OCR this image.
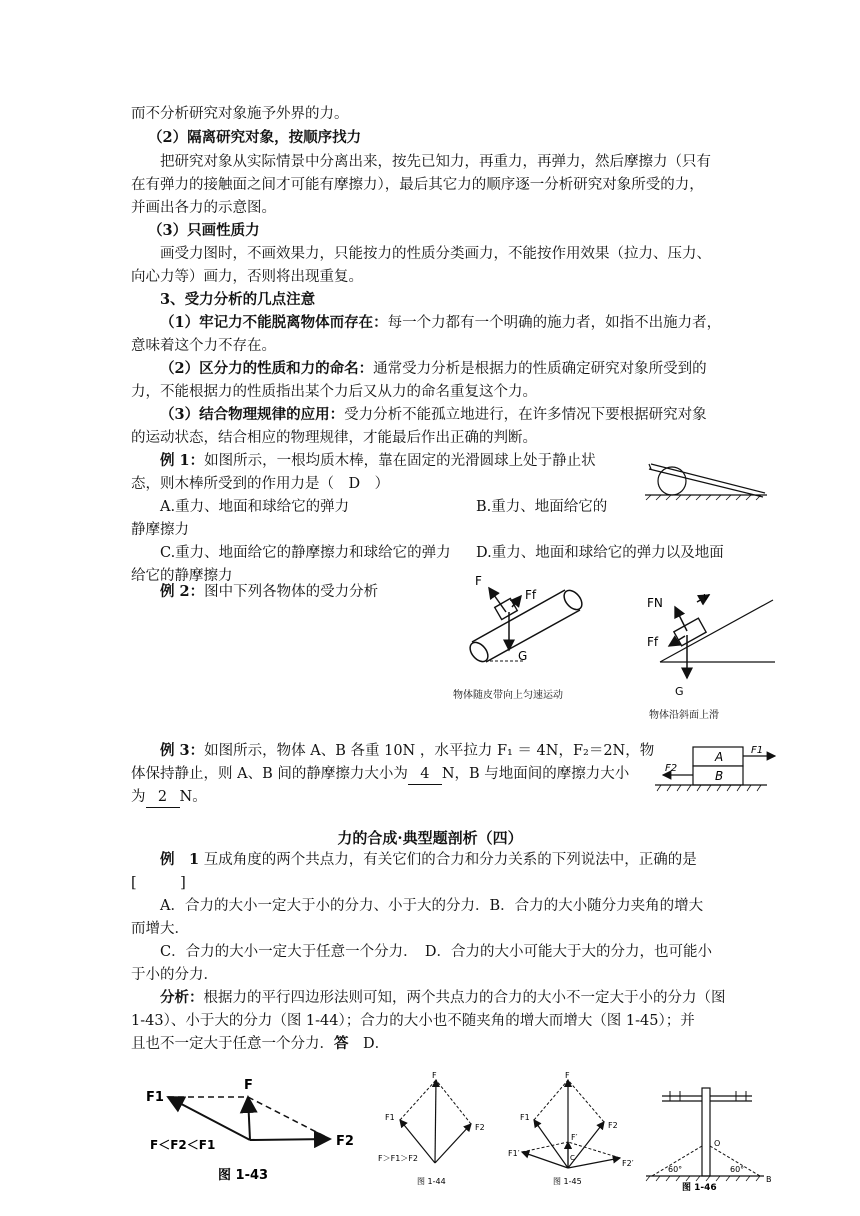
而不分析研究对象施予外界的力。
（2）隔离研究对象，按顺序找力
把研究对象从实际情景中分离出来，按先已知力，再重力，再弹力，然后摩擦力（只有
在有弹力的接触面之间才可能有摩擦力），最后其它力的顺序逐一分析研究对象所受的力，
并画出各力的示意图。
（3）只画性质力
画受力图时，不画效果力，只能按力的性质分类画力，不能按作用效果（拉力、压力、
向心力等）画力，否则将出现重复。
3、受力分析的几点注意
（1）牢记力不能脱离物体而存在：每一个力都有一个明确的施力者，如指不出施力者，
意味着这个力不存在。
（2）区分力的性质和力的命名：通常受力分析是根据力的性质确定研究对象所受到的
力，不能根据力的性质指出某个力后又从力的命名重复这个力。
（3）结合物理规律的应用：受力分析不能孤立地进行，在许多情况下要根据研究对象
的运动状态，结合相应的物理规律，才能最后作出正确的判断。
例 1：如图所示，一根均质木棒，靠在固定的光滑圆球上处于静止状
态，则木棒所受到的作用力是（　D　）
A.重力、地面和球给它的弹力	B.重力、地面给它的
静摩擦力
C.重力、地面给它的静摩擦力和球给它的弹力 D.重力、地面和球给它的弹力以及地面
给它的静摩擦力
例 2：图中下列各物体的受力分析
F
Ff
G
物体随皮带向上匀速运动
FN	v
Ff
G
物体沿斜面上滑
例 3：如图所示，物体 A、B 各重 10N ，水平拉力 F₁ ＝ 4N，F₂＝2N，物
体保持静止，则 A、B 间的静摩擦力大小为 4 N，B 与地面间的摩擦力大小
为 2 N。
A
B
F1
F2
力的合成·典型题剖析（四）
例　1 互成角度的两个共点力，有关它们的合力和分力关系的下列说法中，正确的是
[　　　]
A．合力的大小一定大于小的分力、小于大的分力．B．合力的大小随分力夹角的增大
而增大．
C．合力的大小一定大于任意一个分力．　D．合力的大小可能大于大的分力，也可能小
于小的分力．
分析：根据力的平行四边形法则可知，两个共点力的合力的大小不一定大于小的分力（图
1-43）、小于大的分力（图 1-44）；合力的大小也不随夹角的增大而增大（图 1-45）；并
且也不一定大于任意一个分力．答　D．
F1
F
F2
F＜F2＜F1
图 1-43
F
F1
F2
F＞F1＞F2
图 1-44
F
F1
F2
F′
F1′
F2′
C
图 1-45
O
60°	60°
B
图 1-46
